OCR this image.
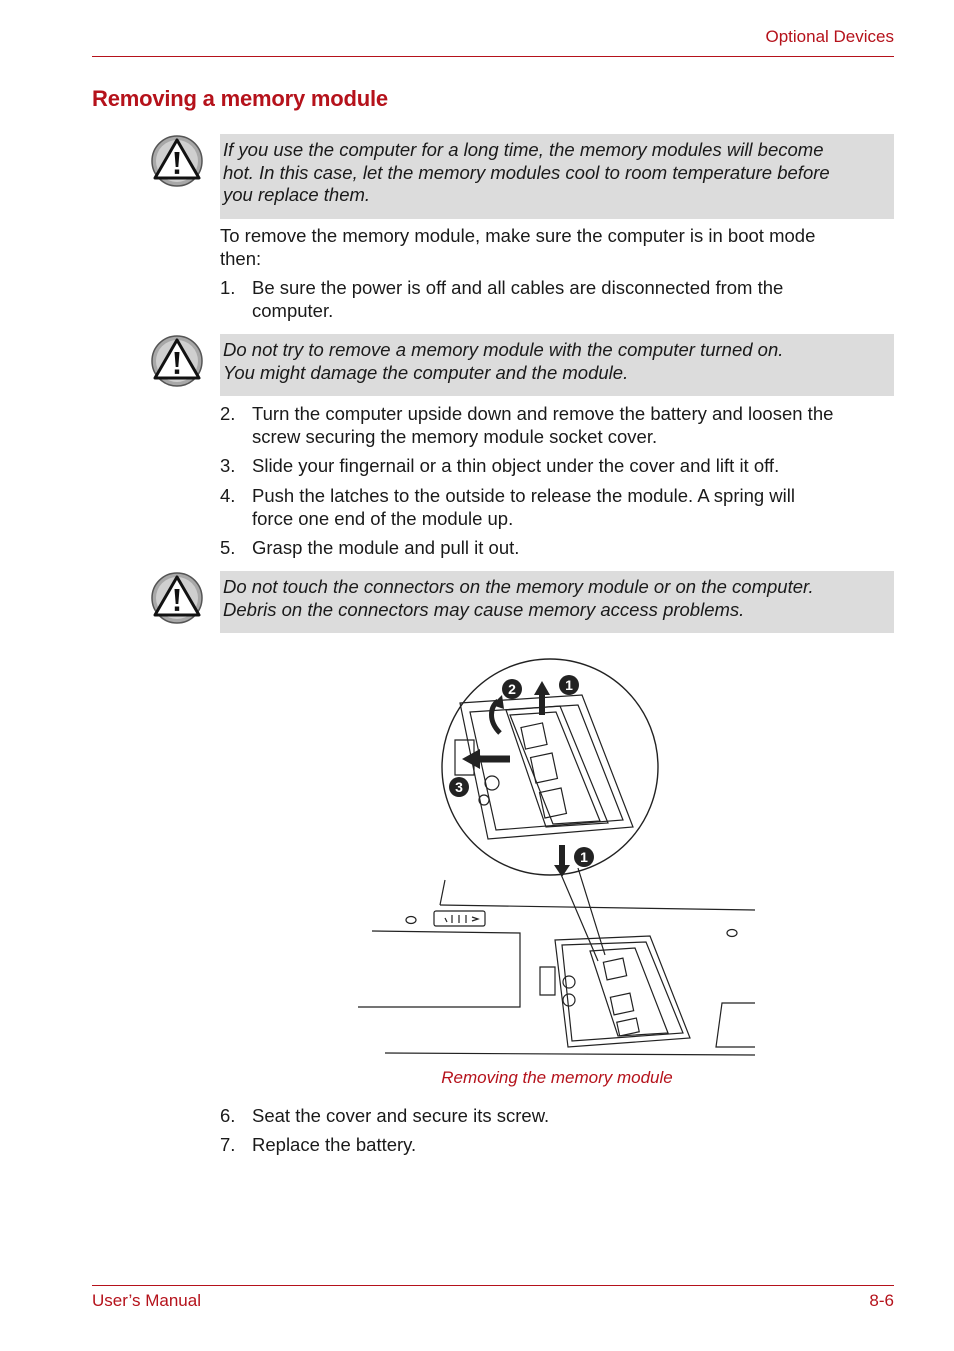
Optional Devices
Removing a memory module
If you use the computer for a long time, the memory modules will become
hot. In this case, let the memory modules cool to room temperature before
you replace them.
To remove the memory module, make sure the computer is in boot mode
then:
1. Be sure the power is off and all cables are disconnected from the
computer.
Do not try to remove a memory module with the computer turned on.
You might damage the computer and the module.
2. Turn the computer upside down and remove the battery and loosen the
screw securing the memory module socket cover.
3. Slide your fingernail or a thin object under the cover and lift it off.
4. Push the latches to the outside to release the module. A spring will
force one end of the module up.
5. Grasp the module and pull it out.
Do not touch the connectors on the memory module or on the computer.
Debris on the connectors may cause memory access problems.
1
2
3
1
Removing the memory module
6. Seat the cover and secure its screw.
7. Replace the battery.
User’s Manual	8-6
